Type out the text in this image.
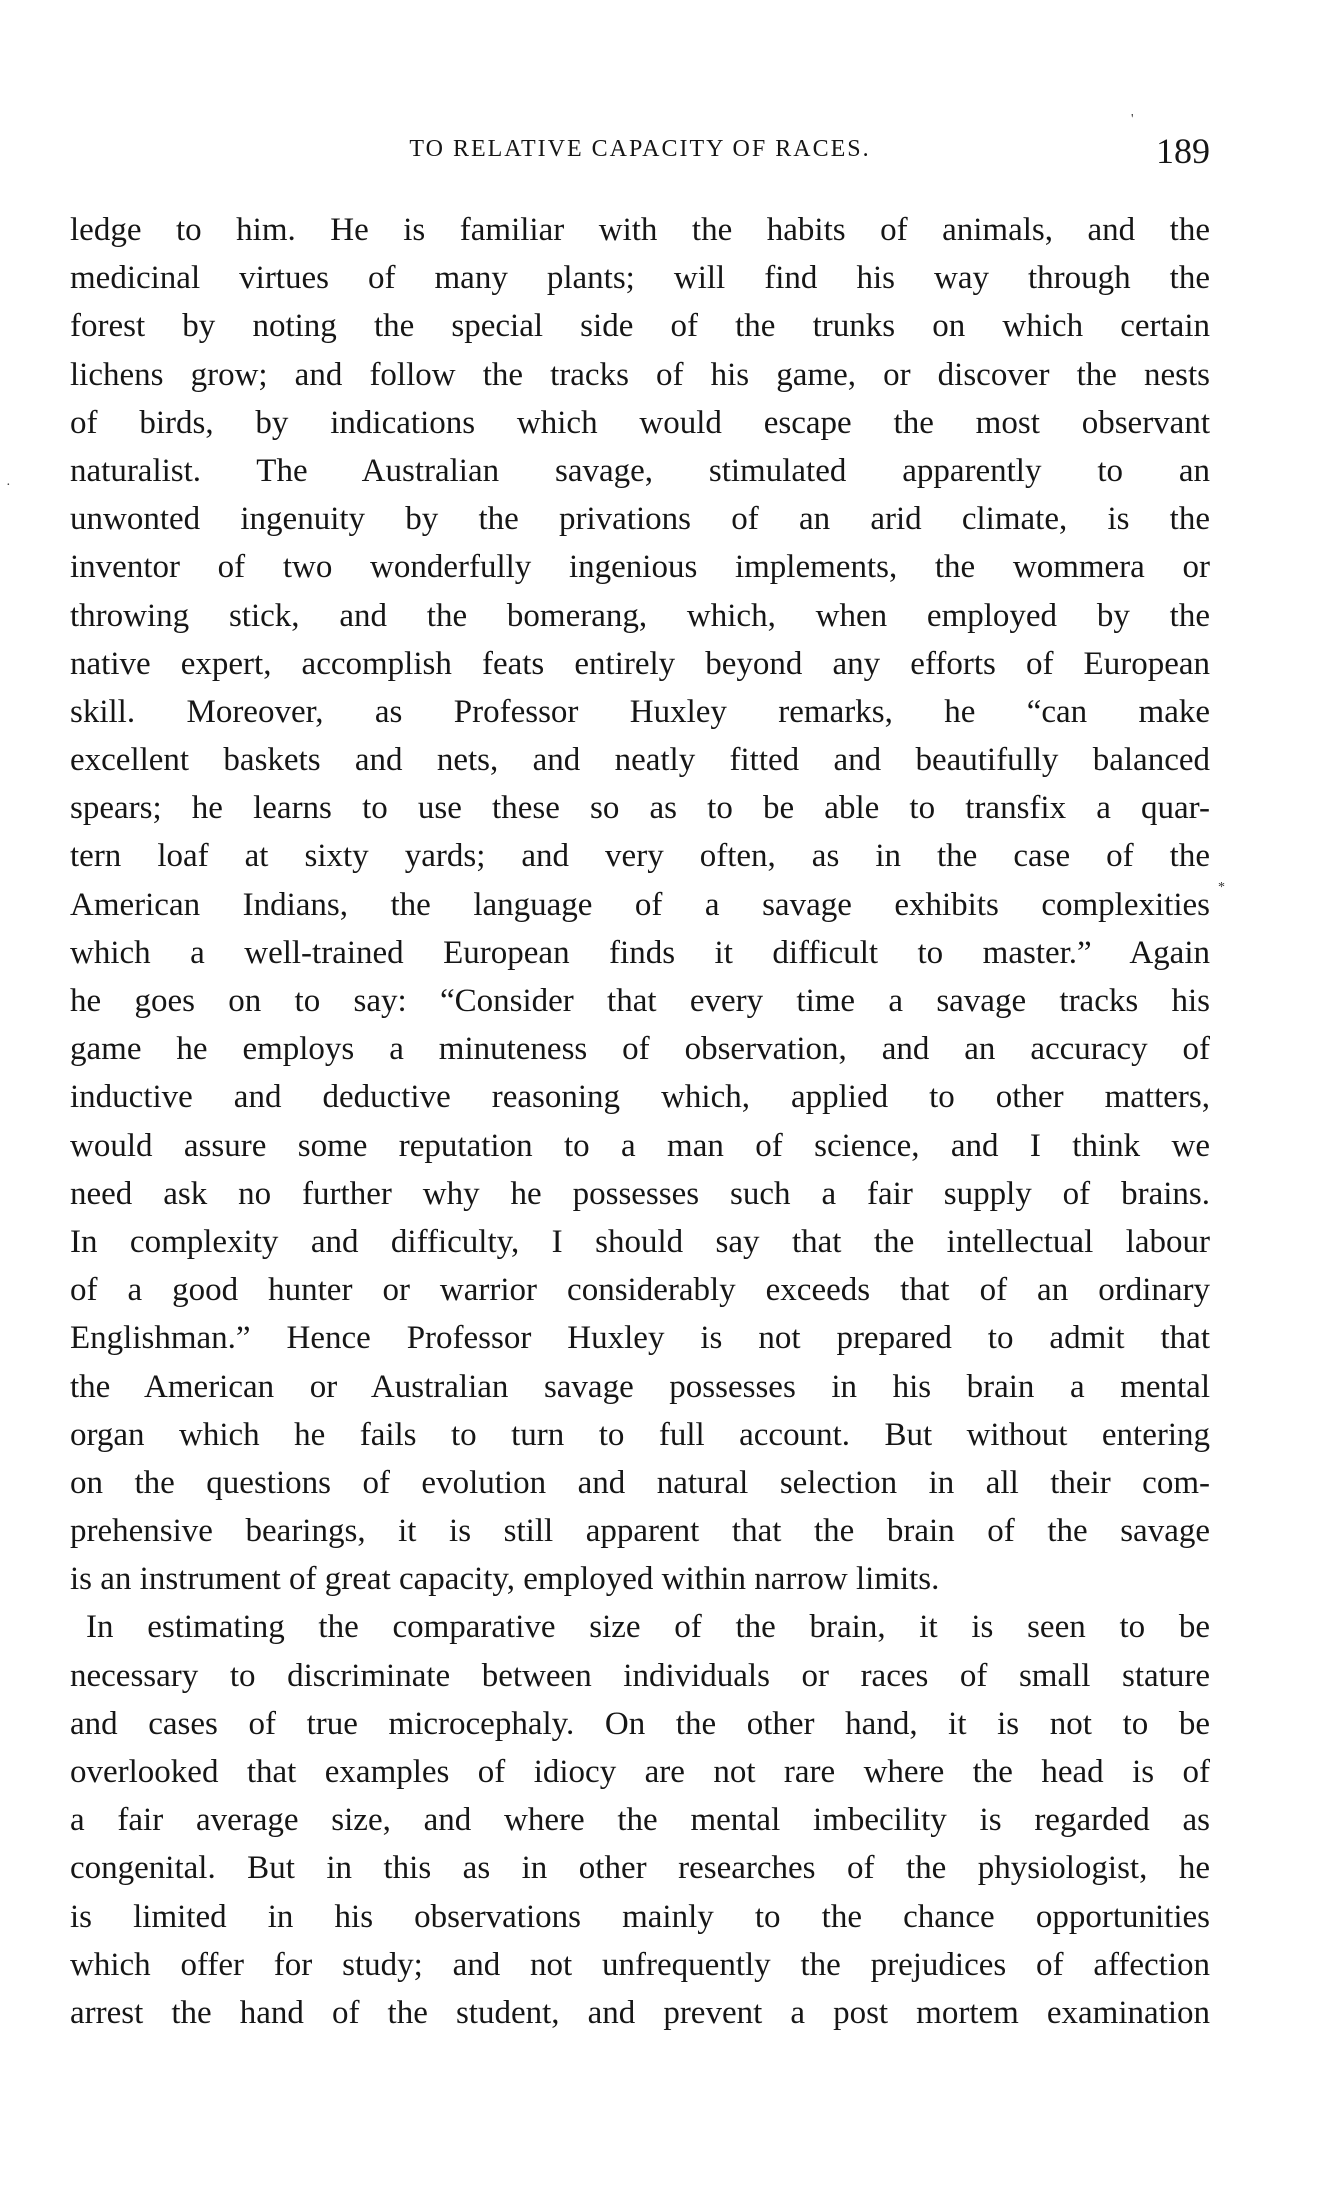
TO RELATIVE CAPACITY OF RACES.	189
'
·
*
ledge to him. He is familiar with the habits of animals, and the
medicinal virtues of many plants; will find his way through the
forest by noting the special side of the trunks on which certain
lichens grow; and follow the tracks of his game, or discover the nests
of birds, by indications which would escape the most observant
naturalist. The Australian savage, stimulated apparently to an
unwonted ingenuity by the privations of an arid climate, is the
inventor of two wonderfully ingenious implements, the wommera or
throwing stick, and the bomerang, which, when employed by the
native expert, accomplish feats entirely beyond any efforts of European
skill. Moreover, as Professor Huxley remarks, he “can make
excellent baskets and nets, and neatly fitted and beautifully balanced
spears; he learns to use these so as to be able to transfix a quar-
tern loaf at sixty yards; and very often, as in the case of the
American Indians, the language of a savage exhibits complexities
which a well-trained European finds it difficult to master.” Again
he goes on to say: “Consider that every time a savage tracks his
game he employs a minuteness of observation, and an accuracy of
inductive and deductive reasoning which, applied to other matters,
would assure some reputation to a man of science, and I think we
need ask no further why he possesses such a fair supply of brains.
In complexity and difficulty, I should say that the intellectual labour
of a good hunter or warrior considerably exceeds that of an ordinary
Englishman.” Hence Professor Huxley is not prepared to admit that
the American or Australian savage possesses in his brain a mental
organ which he fails to turn to full account. But without entering
on the questions of evolution and natural selection in all their com-
prehensive bearings, it is still apparent that the brain of the savage
is an instrument of great capacity, employed within narrow limits.
In estimating the comparative size of the brain, it is seen to be
necessary to discriminate between individuals or races of small stature
and cases of true microcephaly. On the other hand, it is not to be
overlooked that examples of idiocy are not rare where the head is of
a fair average size, and where the mental imbecility is regarded as
congenital. But in this as in other researches of the physiologist, he
is limited in his observations mainly to the chance opportunities
which offer for study; and not unfrequently the prejudices of affection
arrest the hand of the student, and prevent a post mortem examination
